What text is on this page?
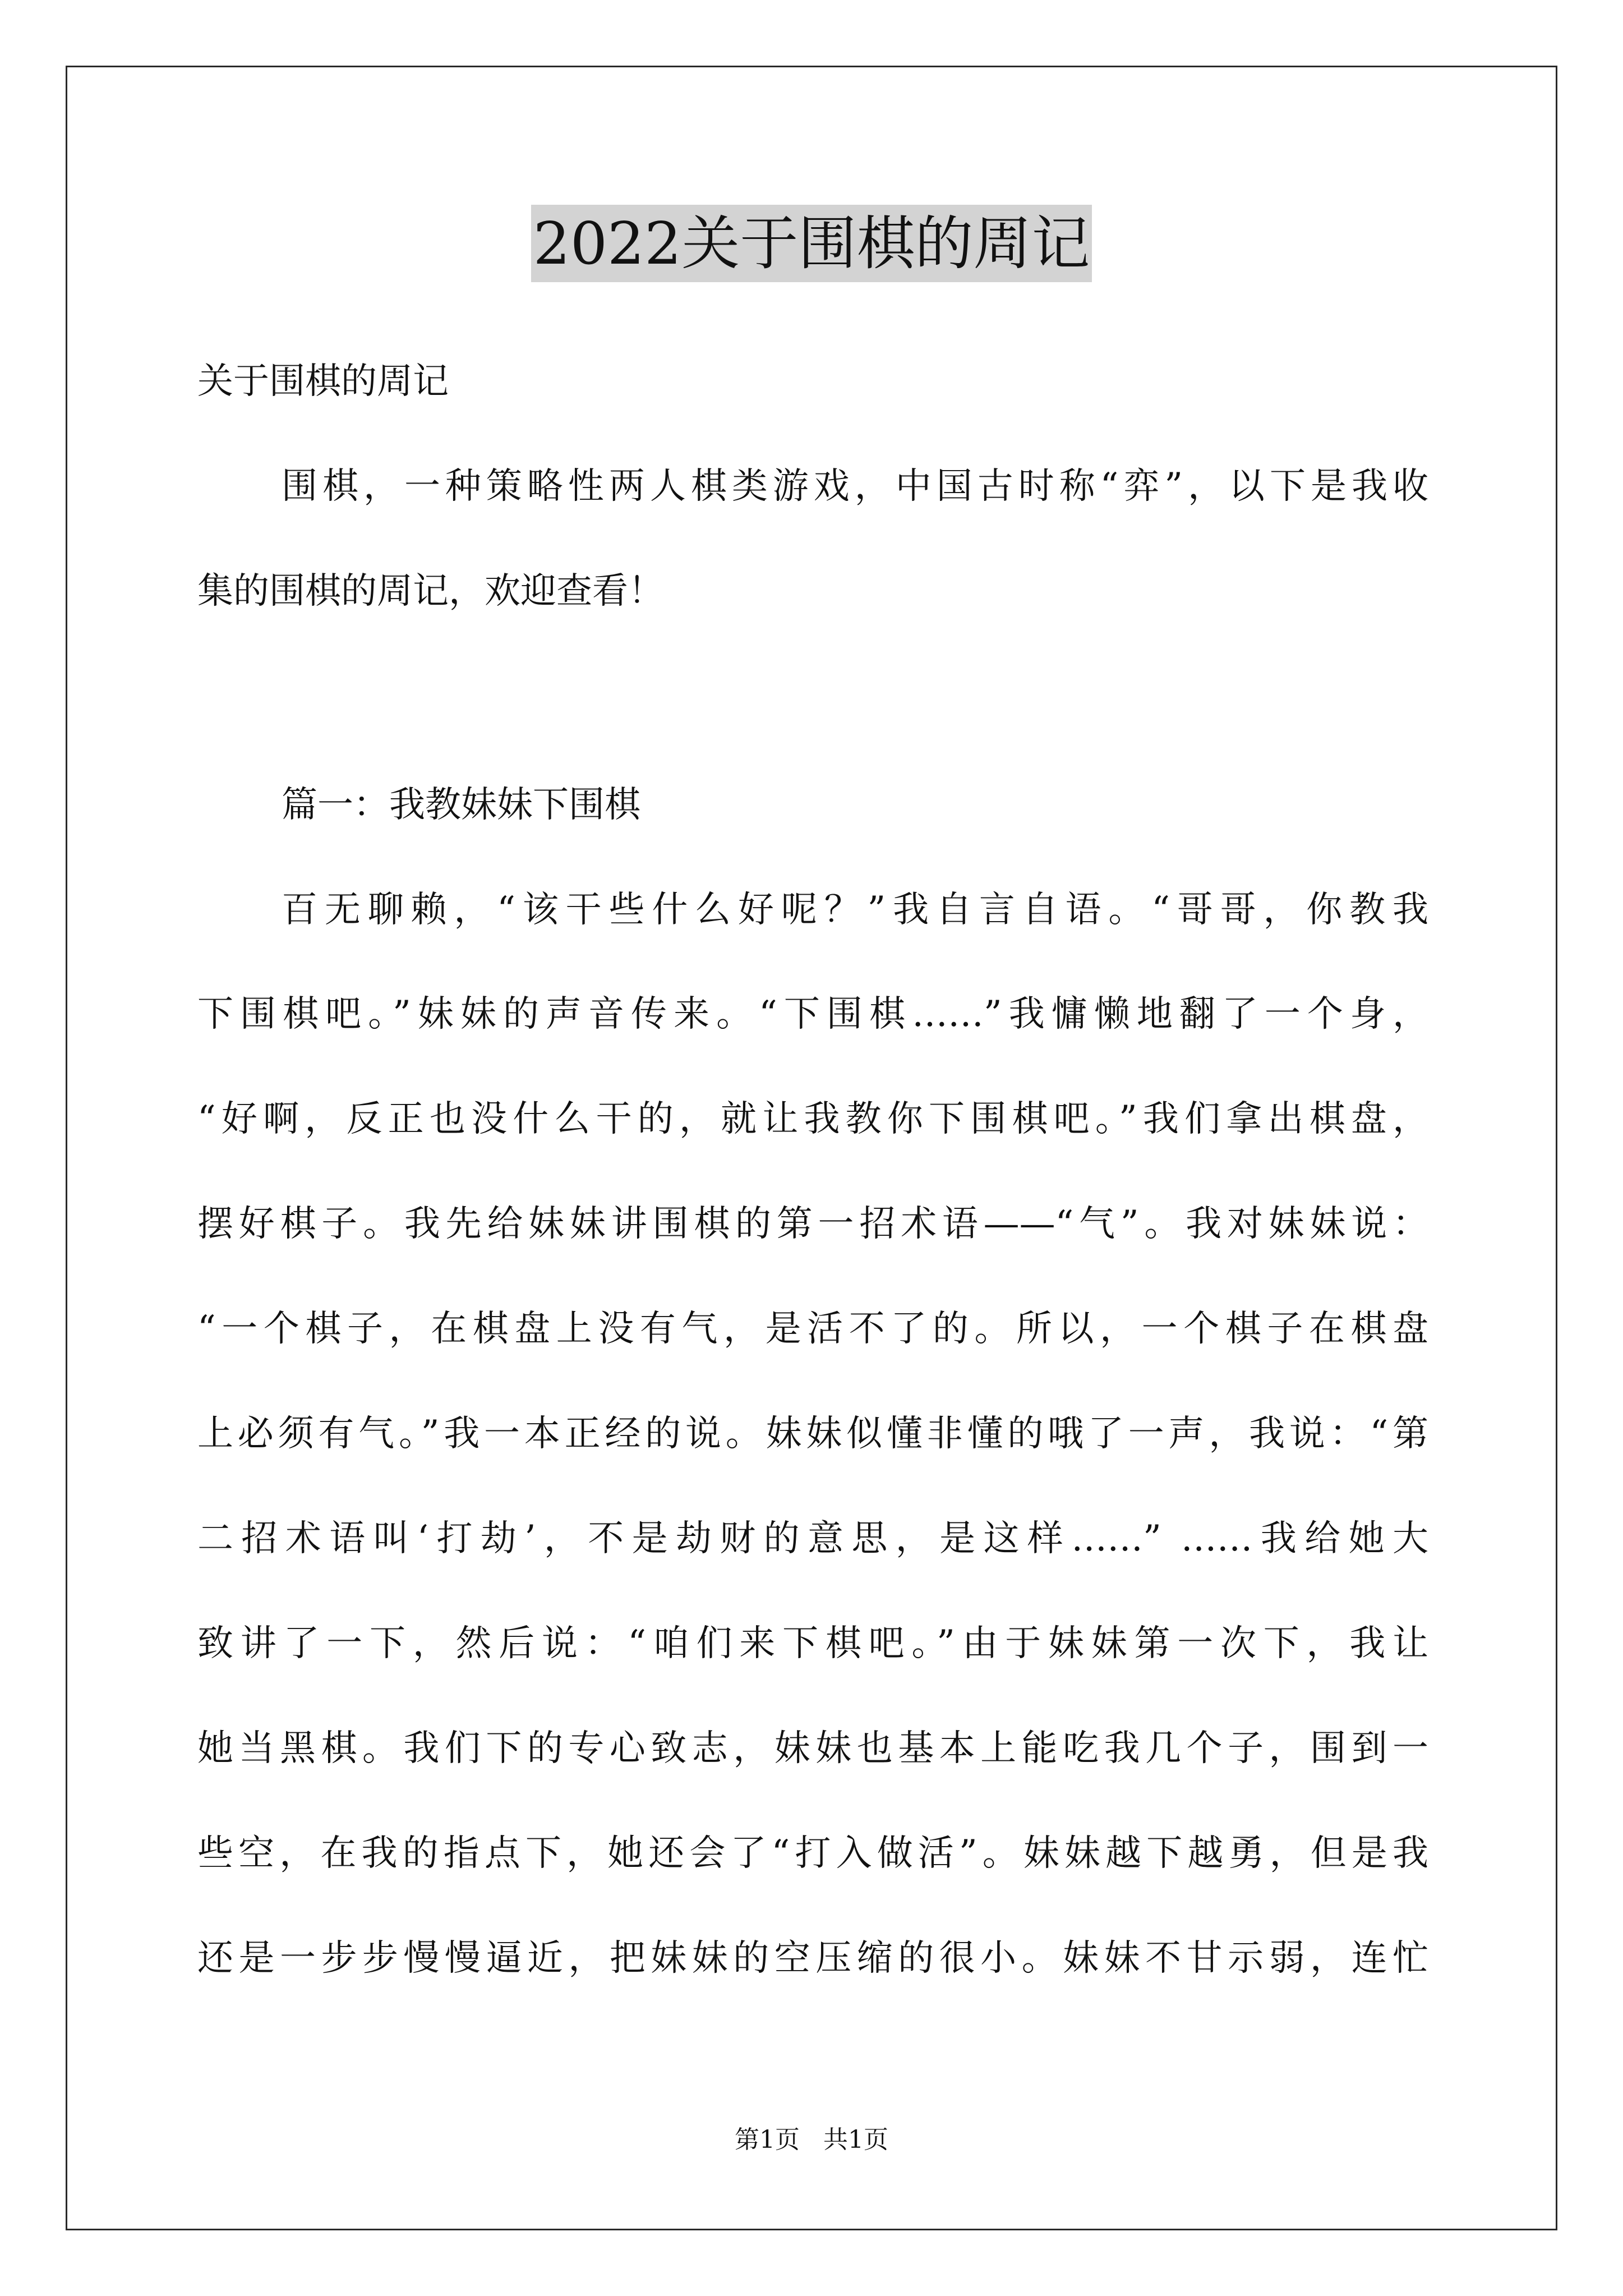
2022关于围棋的周记
关于围棋的周记
围棋，一种策略性两人棋类游戏，中国古时称“弈”，以下是我收
集的围棋的周记，欢迎查看！
篇一：我教妹妹下围棋
百无聊赖，“该干些什么好呢？”我自言自语。“哥哥，你教我
下围棋吧。”妹妹的声音传来。“下围棋……”我慵懒地翻了一个身，
“好啊，反正也没什么干的，就让我教你下围棋吧。”我们拿出棋盘，
摆好棋子。我先给妹妹讲围棋的第一招术语——“气”。我对妹妹说：
“一个棋子，在棋盘上没有气，是活不了的。所以，一个棋子在棋盘
上必须有气。”我一本正经的说。妹妹似懂非懂的哦了一声，我说：“第
二招术语叫‘打劫’，不是劫财的意思，是这样……” ……我给她大
致讲了一下，然后说：“咱们来下棋吧。”由于妹妹第一次下，我让
她当黑棋。我们下的专心致志，妹妹也基本上能吃我几个子，围到一
些空，在我的指点下，她还会了“打入做活”。妹妹越下越勇，但是我
还是一步步慢慢逼近，把妹妹的空压缩的很小。妹妹不甘示弱，连忙
第1页   共1页
